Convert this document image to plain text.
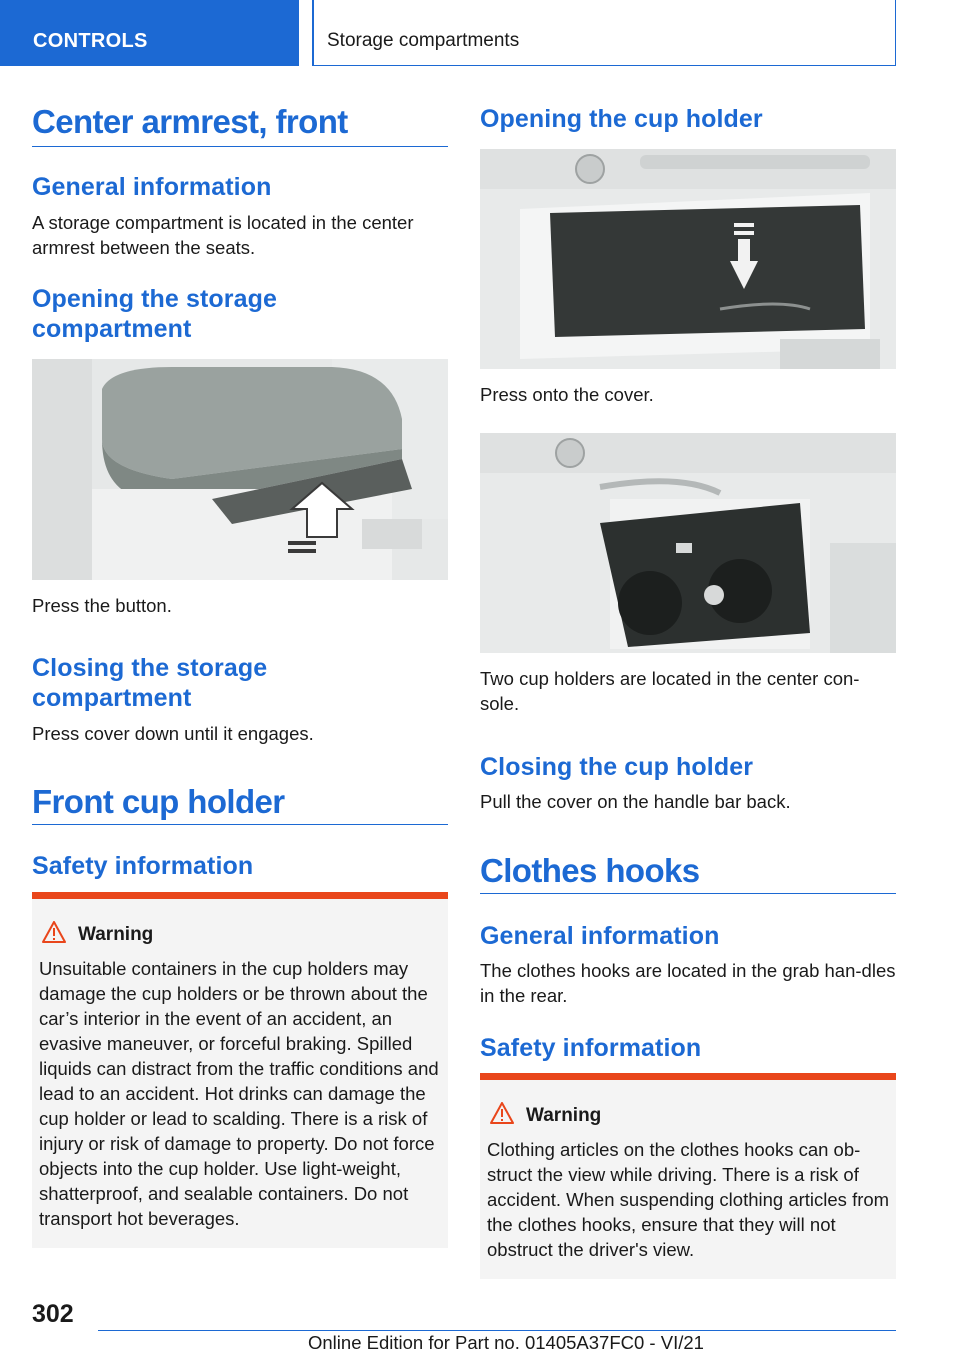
CONTROLS	Storage compartments
Center armrest, front
General information
A storage compartment is located in the center armrest between the seats.
Opening the storage compartment
Press the button.
Closing the storage compartment
Press cover down until it engages.
Front cup holder
Safety information
Warning
Unsuitable containers in the cup holders may damage the cup holders or be thrown about the car’s interior in the event of an accident, an evasive maneuver, or forceful braking. Spilled liquids can distract from the traffic conditions and lead to an accident. Hot drinks can damage the cup holder or lead to scalding. There is a risk of injury or risk of damage to property. Do not force objects into the cup holder. Use light-weight, shatterproof, and sealable containers. Do not transport hot beverages.
Opening the cup holder
Press onto the cover.
Two cup holders are located in the center con-sole.
Closing the cup holder
Pull the cover on the handle bar back.
Clothes hooks
General information
The clothes hooks are located in the grab han-dles in the rear.
Safety information
Warning
Clothing articles on the clothes hooks can ob-struct the view while driving. There is a risk of accident. When suspending clothing articles from the clothes hooks, ensure that they will not obstruct the driver's view.
302
Online Edition for Part no. 01405A37FC0 - VI/21
